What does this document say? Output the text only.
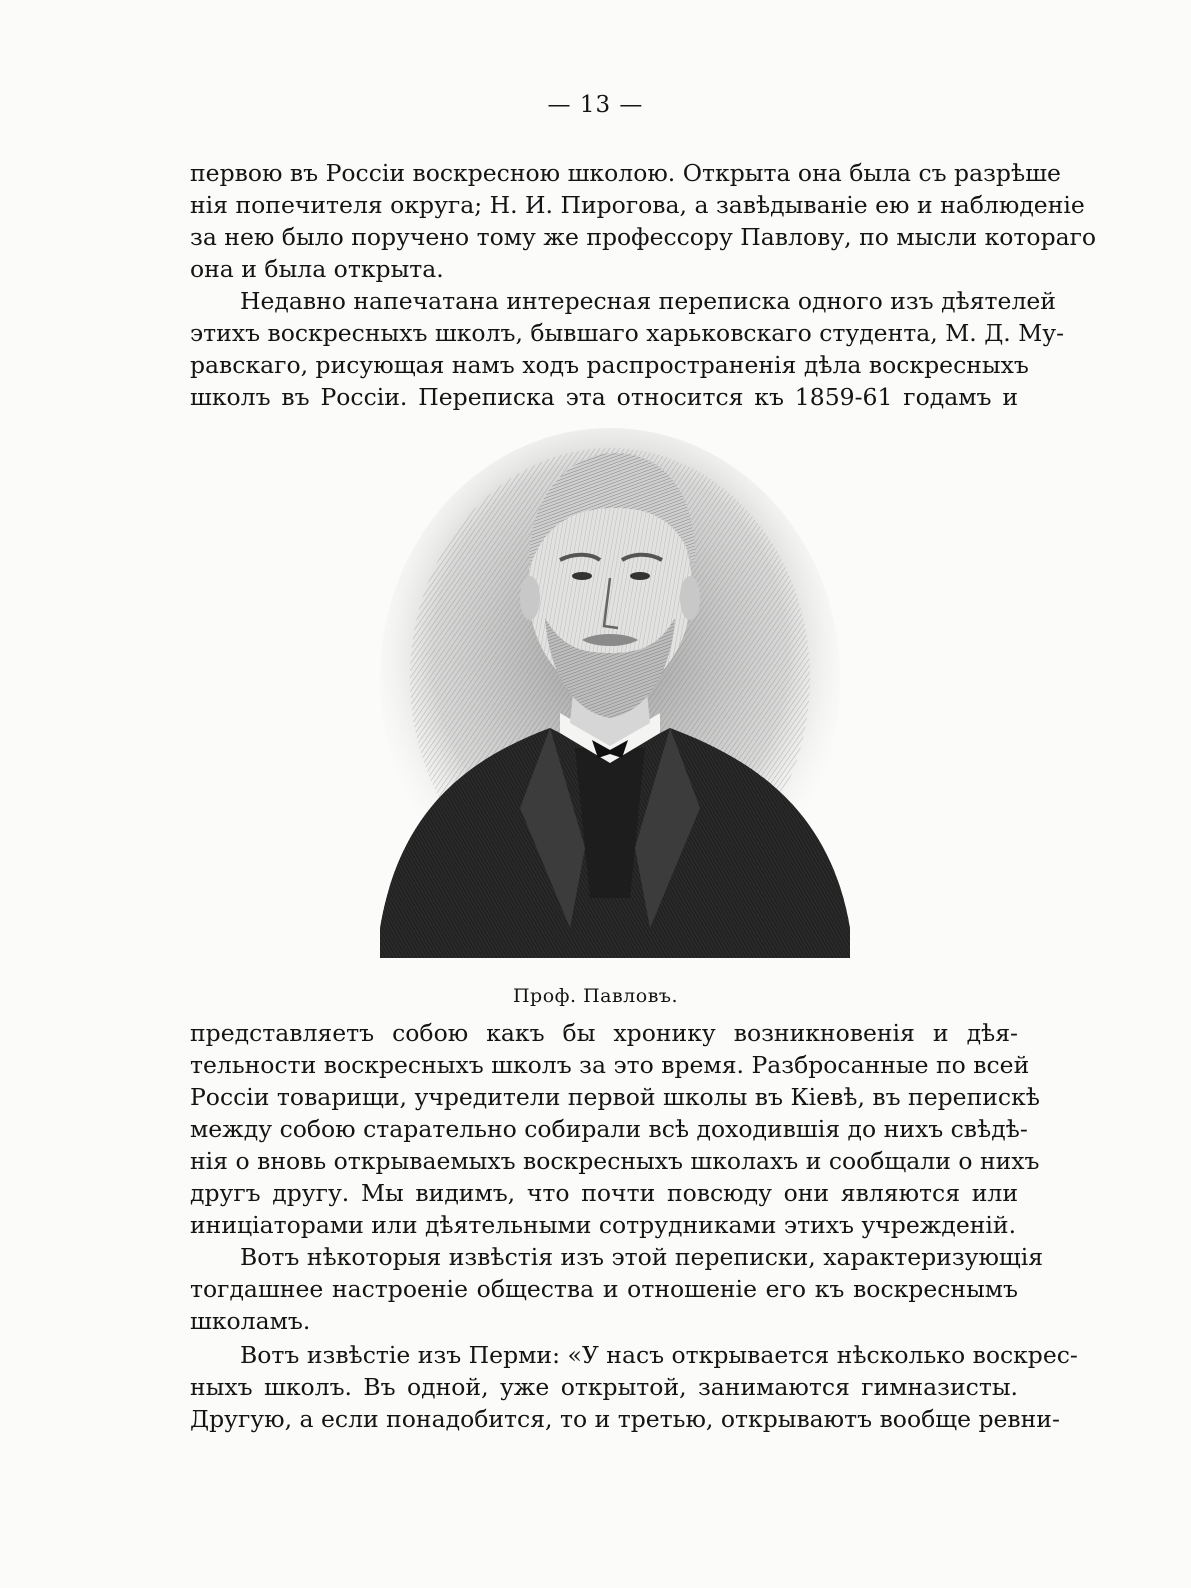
— 13 —
первою въ Россіи воскресною школою. Открыта она была съ разрѣше
нія попечителя округа; Н. И. Пирогова, а завѣдываніе ею и наблюденіе
за нею было поручено тому же профессору Павлову, по мысли котораго
она и была открыта.
Недавно напечатана интересная переписка одного изъ дѣятелей
этихъ воскресныхъ школъ, бывшаго харьковскаго студента, М. Д. Му-
равскаго, рисующая намъ ходъ распространенія дѣла воскресныхъ
школъ въ Россіи. Переписка эта относится къ 1859-61 годамъ и
Проф. Павловъ.
представляетъ собою какъ бы хронику возникновенія и дѣя-
тельности воскресныхъ школъ за это время. Разбросанные по всей
Россіи товарищи, учредители первой школы въ Кіевѣ, въ перепискѣ
между собою старательно собирали всѣ доходившія до нихъ свѣдѣ-
нія о вновь открываемыхъ воскресныхъ школахъ и сообщали о нихъ
другъ другу. Мы видимъ, что почти повсюду они являются или
иниціаторами или дѣятельными сотрудниками этихъ учрежденій.
Вотъ нѣкоторыя извѣстія изъ этой переписки, характеризующія
тогдашнее настроеніе общества и отношеніе его къ воскреснымъ
школамъ.
Вотъ извѣстіе изъ Перми: «У насъ открывается нѣсколько воскрес-
ныхъ школъ. Въ одной, уже открытой, занимаются гимназисты.
Другую, а если понадобится, то и третью, открываютъ вообще ревни-
